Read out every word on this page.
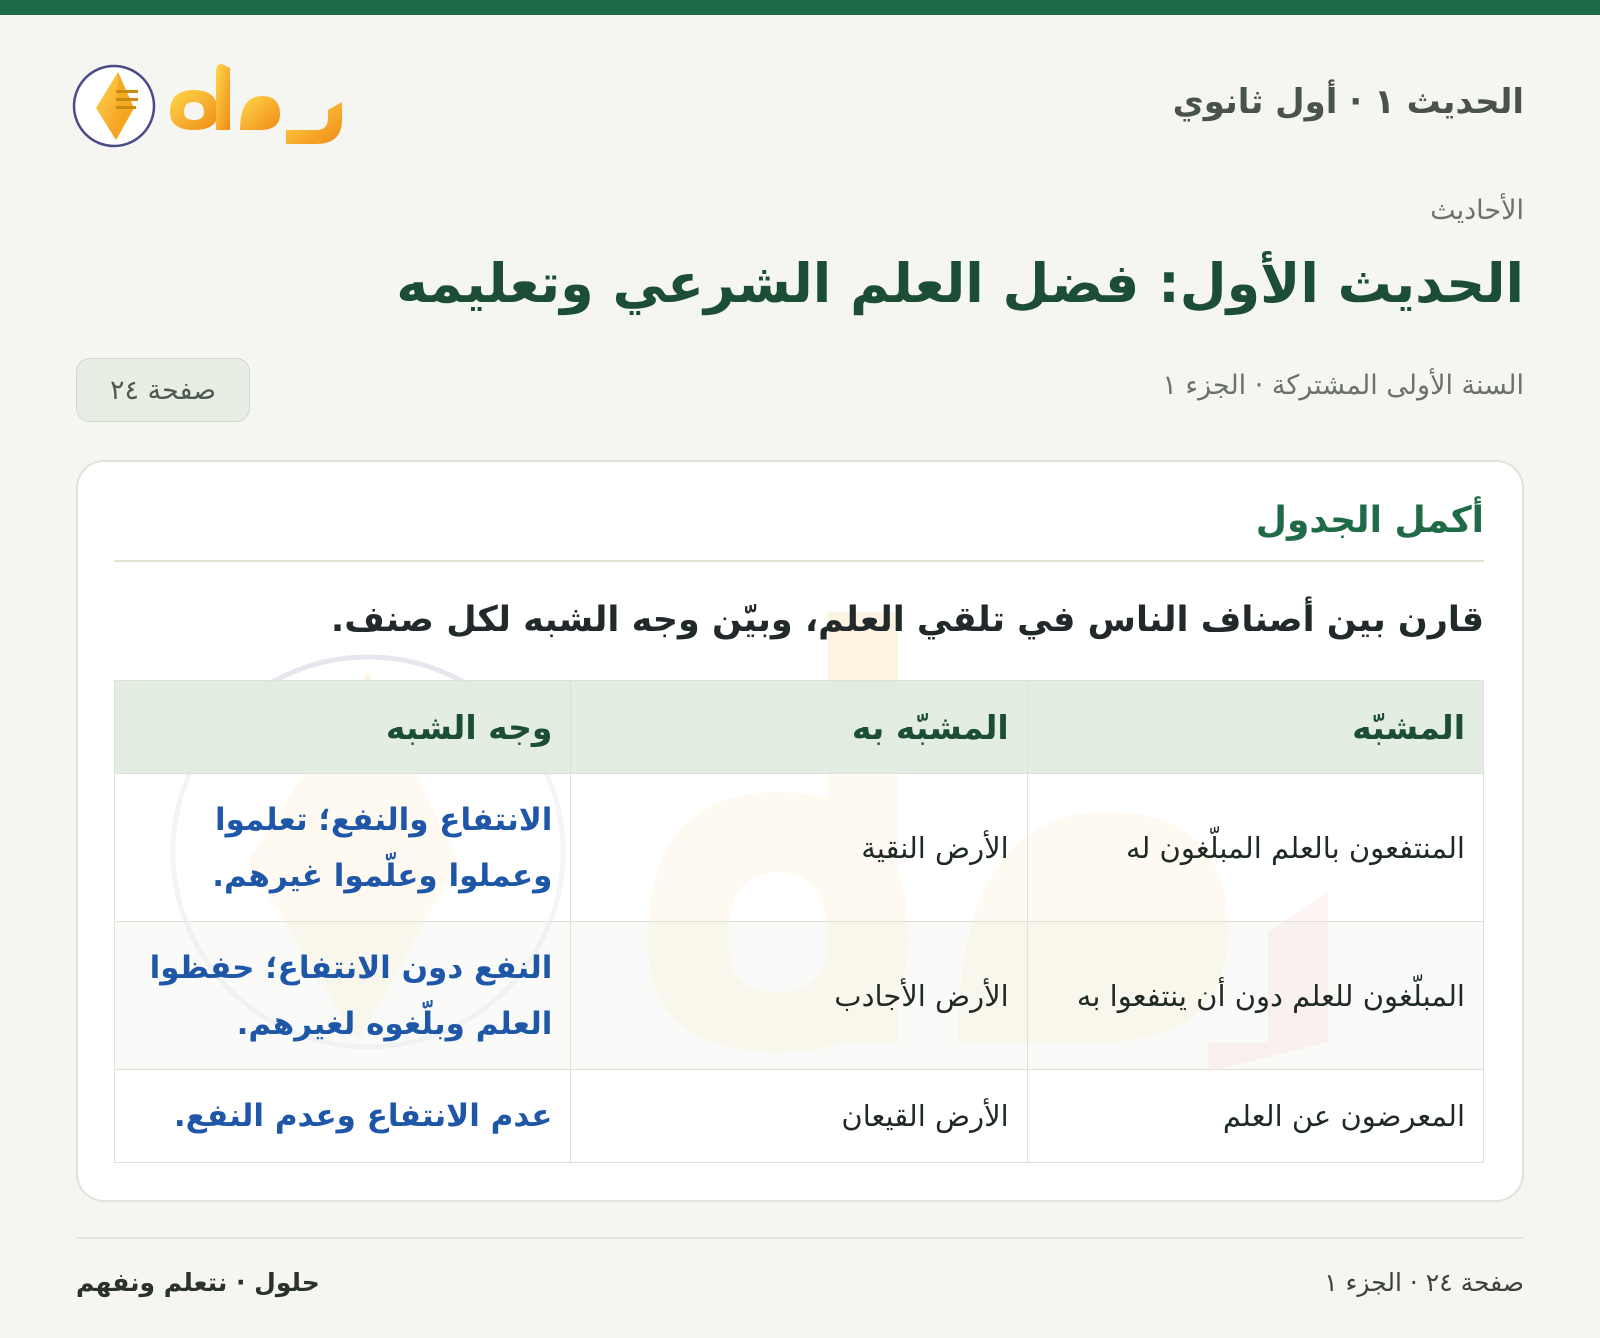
الحديث ١ · أول ثانوي
الأحاديث
الحديث الأول: فضل العلم الشرعي وتعليمه
السنة الأولى المشتركة · الجزء ١
صفحة ٢٤
أكمل الجدول
قارن بين أصناف الناس في تلقي العلم، وبيّن وجه الشبه لكل صنف.
المشبّه	المشبّه به	وجه الشبه
المنتفعون بالعلم المبلّغون له	الأرض النقية	الانتفاع والنفع؛ تعلموا وعملوا وعلّموا غيرهم.
المبلّغون للعلم دون أن ينتفعوا به	الأرض الأجادب	النفع دون الانتفاع؛ حفظوا العلم وبلّغوه لغيرهم.
المعرضون عن العلم	الأرض القيعان	عدم الانتفاع وعدم النفع.
صفحة ٢٤ · الجزء ١
حلول · نتعلم ونفهم
